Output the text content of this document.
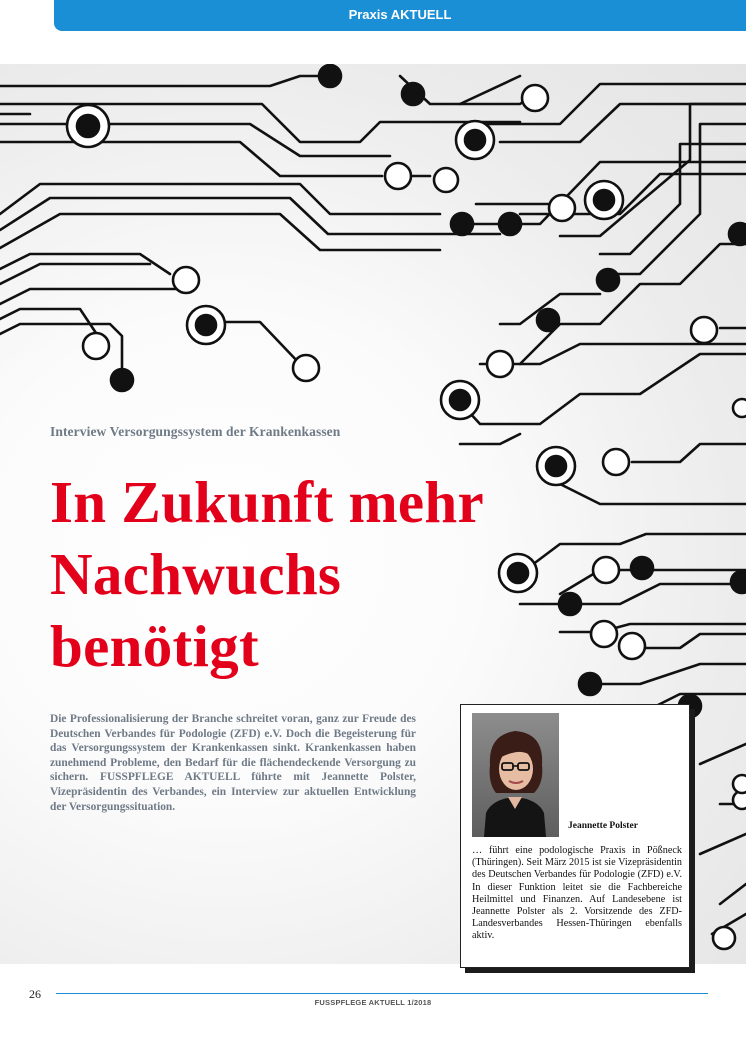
Praxis AKTUELL
Interview Versorgungssystem der Krankenkassen
In Zukunft mehr
Nachwuchs
benötigt

Die Professionalisierung der Branche schreitet voran, ganz zur Freude des Deutschen Verbandes für Podologie (ZFD) e.V. Doch die Begeisterung für das Versorgungssystem der Krankenkassen sinkt. Krankenkassen haben zunehmend Probleme, den Bedarf für die flächendeckende Versorgung zu sichern. FUSSPFLEGE AKTUELL führte mit Jeannette Polster, Vizepräsidentin des Verbandes, ein Interview zur aktuellen Entwicklung der Versorgungssituation.

Jeannette Polster

… führt eine podologische Praxis in Pößneck (Thüringen). Seit März 2015 ist sie Vizepräsidentin des Deutschen Verbandes für Podologie (ZFD) e.V. In dieser Funktion leitet sie die Fachbereiche Heilmittel und Finanzen. Auf Landesebene ist Jeannette Polster als 2. Vorsitzende des ZFD-Landesverbandes Hessen-Thüringen ebenfalls aktiv.

26
FUSSPFLEGE AKTUELL 1/2018
